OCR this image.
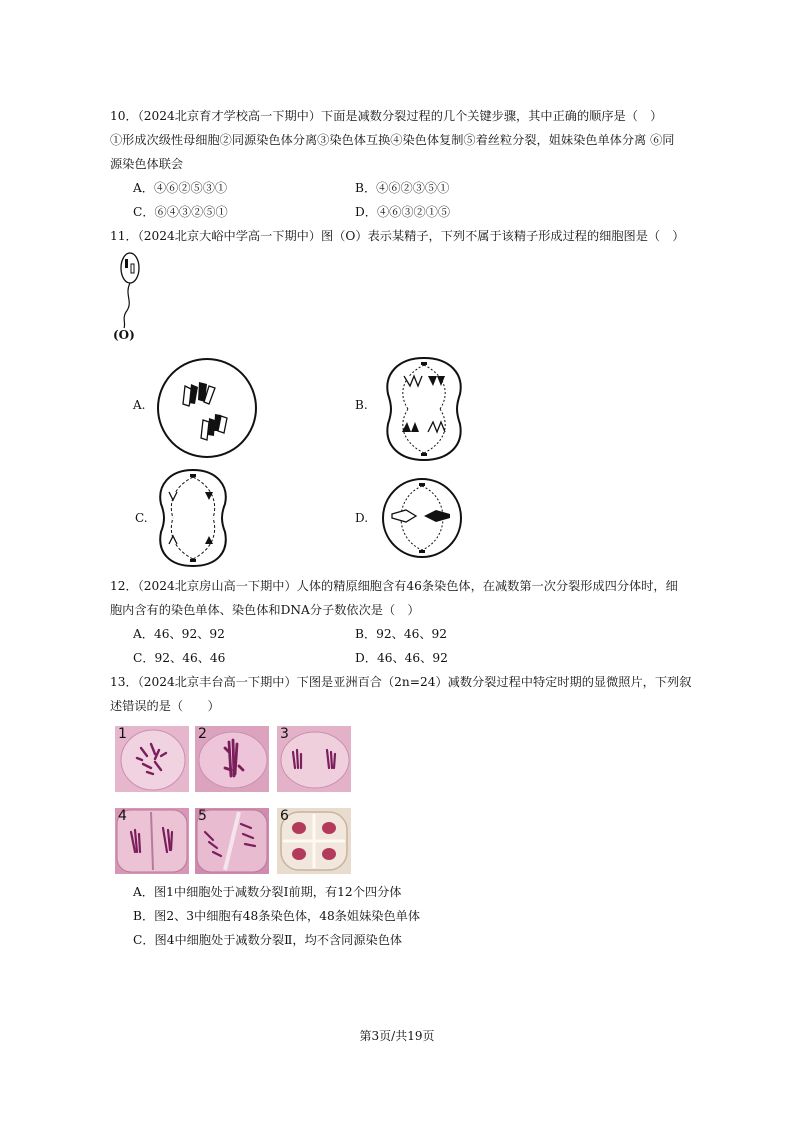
10．（2024北京育才学校高一下期中）下面是减数分裂过程的几个关键步骤，其中正确的顺序是（　）
①形成次级性母细胞②同源染色体分离③染色体互换④染色体复制⑤着丝粒分裂，姐妹染色单体分离 ⑥同
源染色体联会
A．④⑥②⑤③①	B．④⑥②③⑤①
C．⑥④③②⑤①	D．④⑥③②①⑤
11．（2024北京大峪中学高一下期中）图（O）表示某精子，下列不属于该精子形成过程的细胞图是（　）
(O)
A.	B.
C.	D.
12．（2024北京房山高一下期中）人体的精原细胞含有46条染色体，在减数第一次分裂形成四分体时，细
胞内含有的染色单体、染色体和DNA分子数依次是（　）
A．46、92、92	B．92、46、92
C．92、46、46	D．46、46、92
13．（2024北京丰台高一下期中）下图是亚洲百合（2n=24）减数分裂过程中特定时期的显微照片，下列叙
述错误的是（　　）
1	2	3
4	5	6
A．图1中细胞处于减数分裂Ⅰ前期，有12个四分体
B．图2、3中细胞有48条染色体，48条姐妹染色单体
C．图4中细胞处于减数分裂Ⅱ，均不含同源染色体
第3页/共19页
